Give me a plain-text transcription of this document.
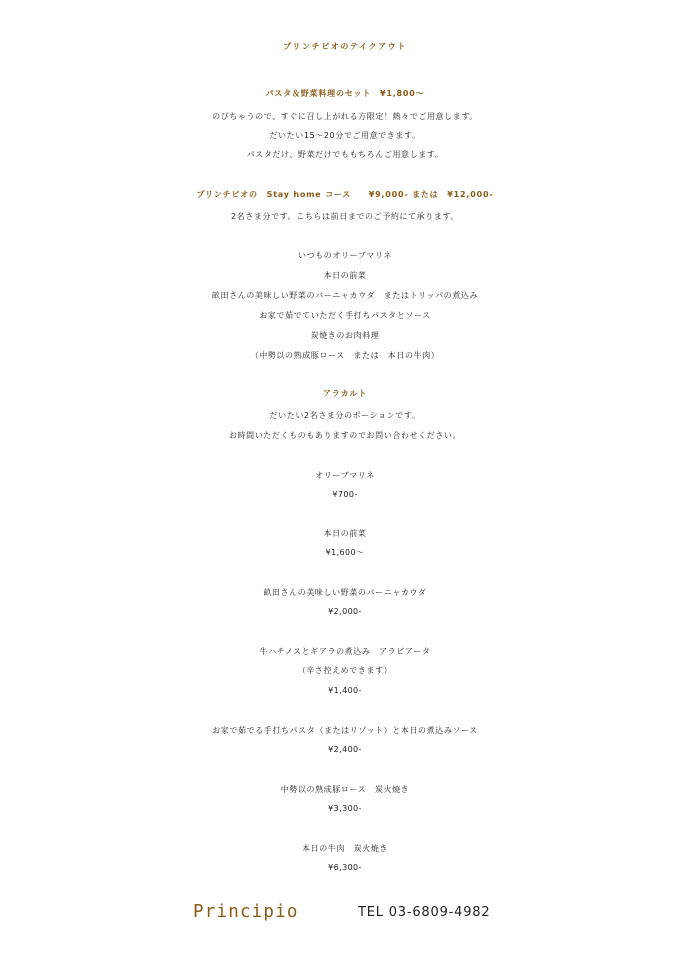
プリンチピオのテイクアウト
パスタ＆野菜料理のセット　¥1,800～
のびちゃうので、すぐに召し上がれる方限定！熱々でご用意します。
だいたい15～20分でご用意できます。
パスタだけ、野菜だけでももちろんご用意します。
プリンチピオの　Stay home コース　　¥9,000- または　¥12,000-
2名さま分です。こちらは前日までのご予約にて承ります。
いつものオリーブマリネ
本日の前菜
畝田さんの美味しい野菜のバーニャカウダ　またはトリッパの煮込み
お家で茹でていただく手打ちパスタとソース
炭焼きのお肉料理
（中勢以の熟成豚ロース　または　本日の牛肉）
アラカルト
だいたい2名さま分のポーションです。
お時間いただくものもありますのでお問い合わせください。
オリーブマリネ
¥700-
本日の前菜
¥1,600～
畝田さんの美味しい野菜のバーニャカウダ
¥2,000-
牛ハチノスとギアラの煮込み　アラビアータ
（辛さ控えめできます）
¥1,400-
お家で茹でる手打ちパスタ（またはリゾット）と本日の煮込みソース
¥2,400-
中勢以の熟成豚ロース　炭火焼き
¥3,300-
本日の牛肉　炭火焼き
¥6,300-
Principio	TEL 03-6809-4982
